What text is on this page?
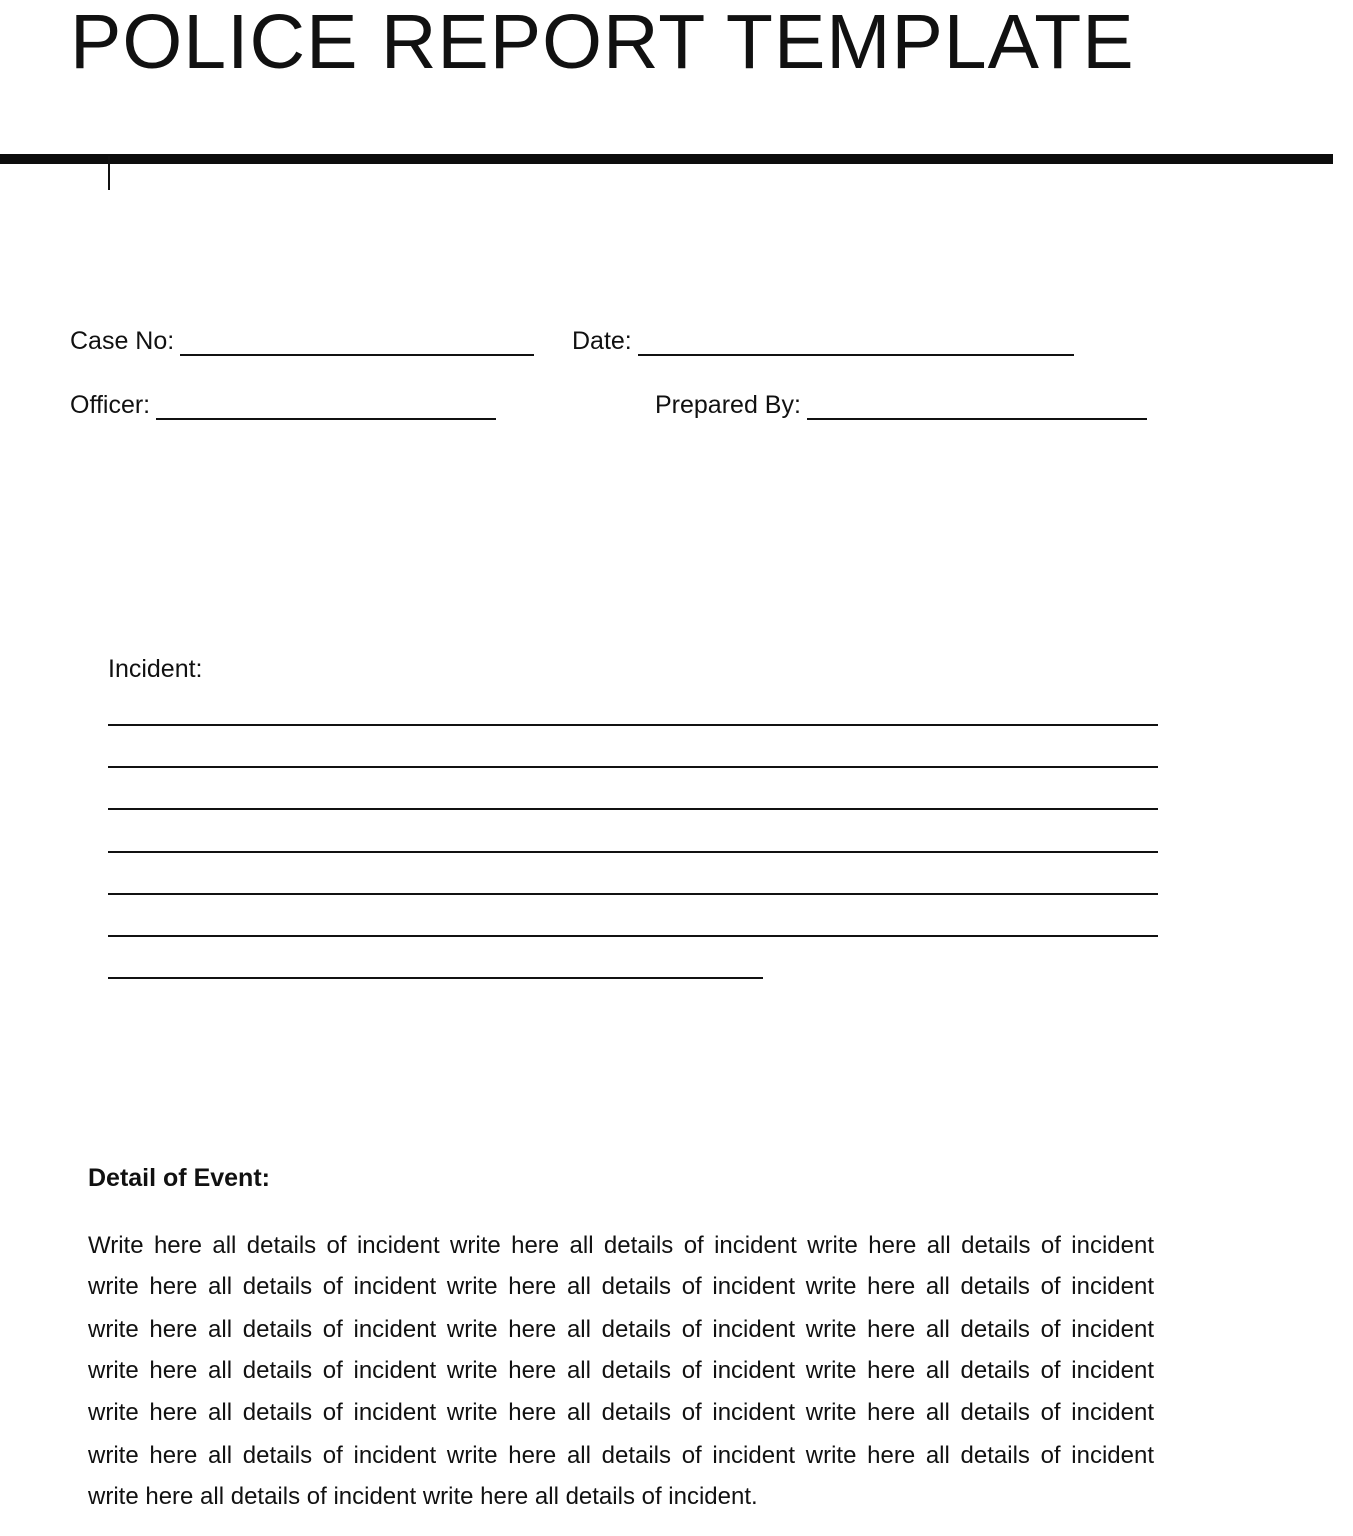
POLICE REPORT TEMPLATE
Case No:	Date:
Officer:	Prepared By:
Incident:
Detail of Event:
Write here all details of incident write here all details of incident write here all details of incident
write here all details of incident write here all details of incident write here all details of incident
write here all details of incident write here all details of incident write here all details of incident
write here all details of incident write here all details of incident write here all details of incident
write here all details of incident write here all details of incident write here all details of incident
write here all details of incident write here all details of incident write here all details of incident
write here all details of incident write here all details of incident.
